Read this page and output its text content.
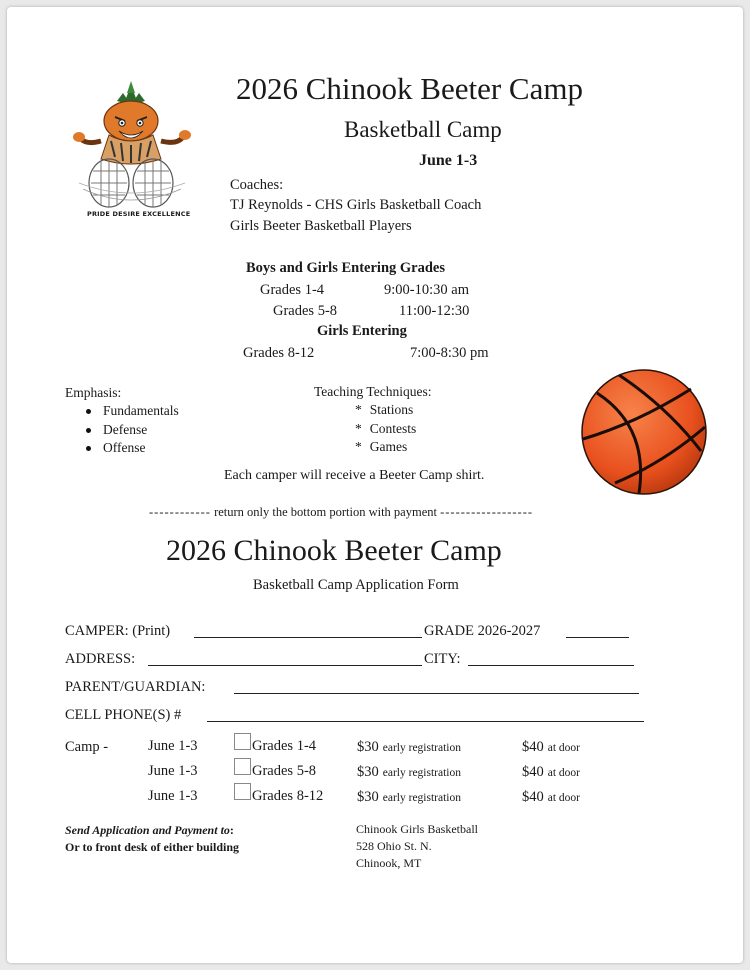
PRIDE DESIRE EXCELLENCE
2026 Chinook Beeter Camp
Basketball Camp
June 1-3
Coaches:
TJ Reynolds - CHS Girls Basketball Coach
Girls Beeter Basketball Players
Boys and Girls Entering Grades
Grades 1-4	9:00-10:30 am
Grades 5-8	11:00-12:30
Girls Entering
Grades 8-12	7:00-8:30 pm
Emphasis:
Fundamentals
Defense
Offense
Teaching Techniques:
* Stations
* Contests
* Games
Each camper will receive a Beeter Camp shirt.
------------ return only the bottom portion with payment ------------------
2026 Chinook Beeter Camp
Basketball Camp Application Form
CAMPER: (Print)	GRADE 2026-2027
ADDRESS:	CITY:
PARENT/GUARDIAN:
CELL PHONE(S) #
Camp -	June 1-3	Grades 1-4	$30 early registration	$40 at door
June 1-3	Grades 5-8	$30 early registration	$40 at door
June 1-3	Grades 8-12 $30 early registration	$40 at door
Send Application and Payment to:
Or to front desk of either building
Chinook Girls Basketball
528 Ohio St. N.
Chinook, MT
